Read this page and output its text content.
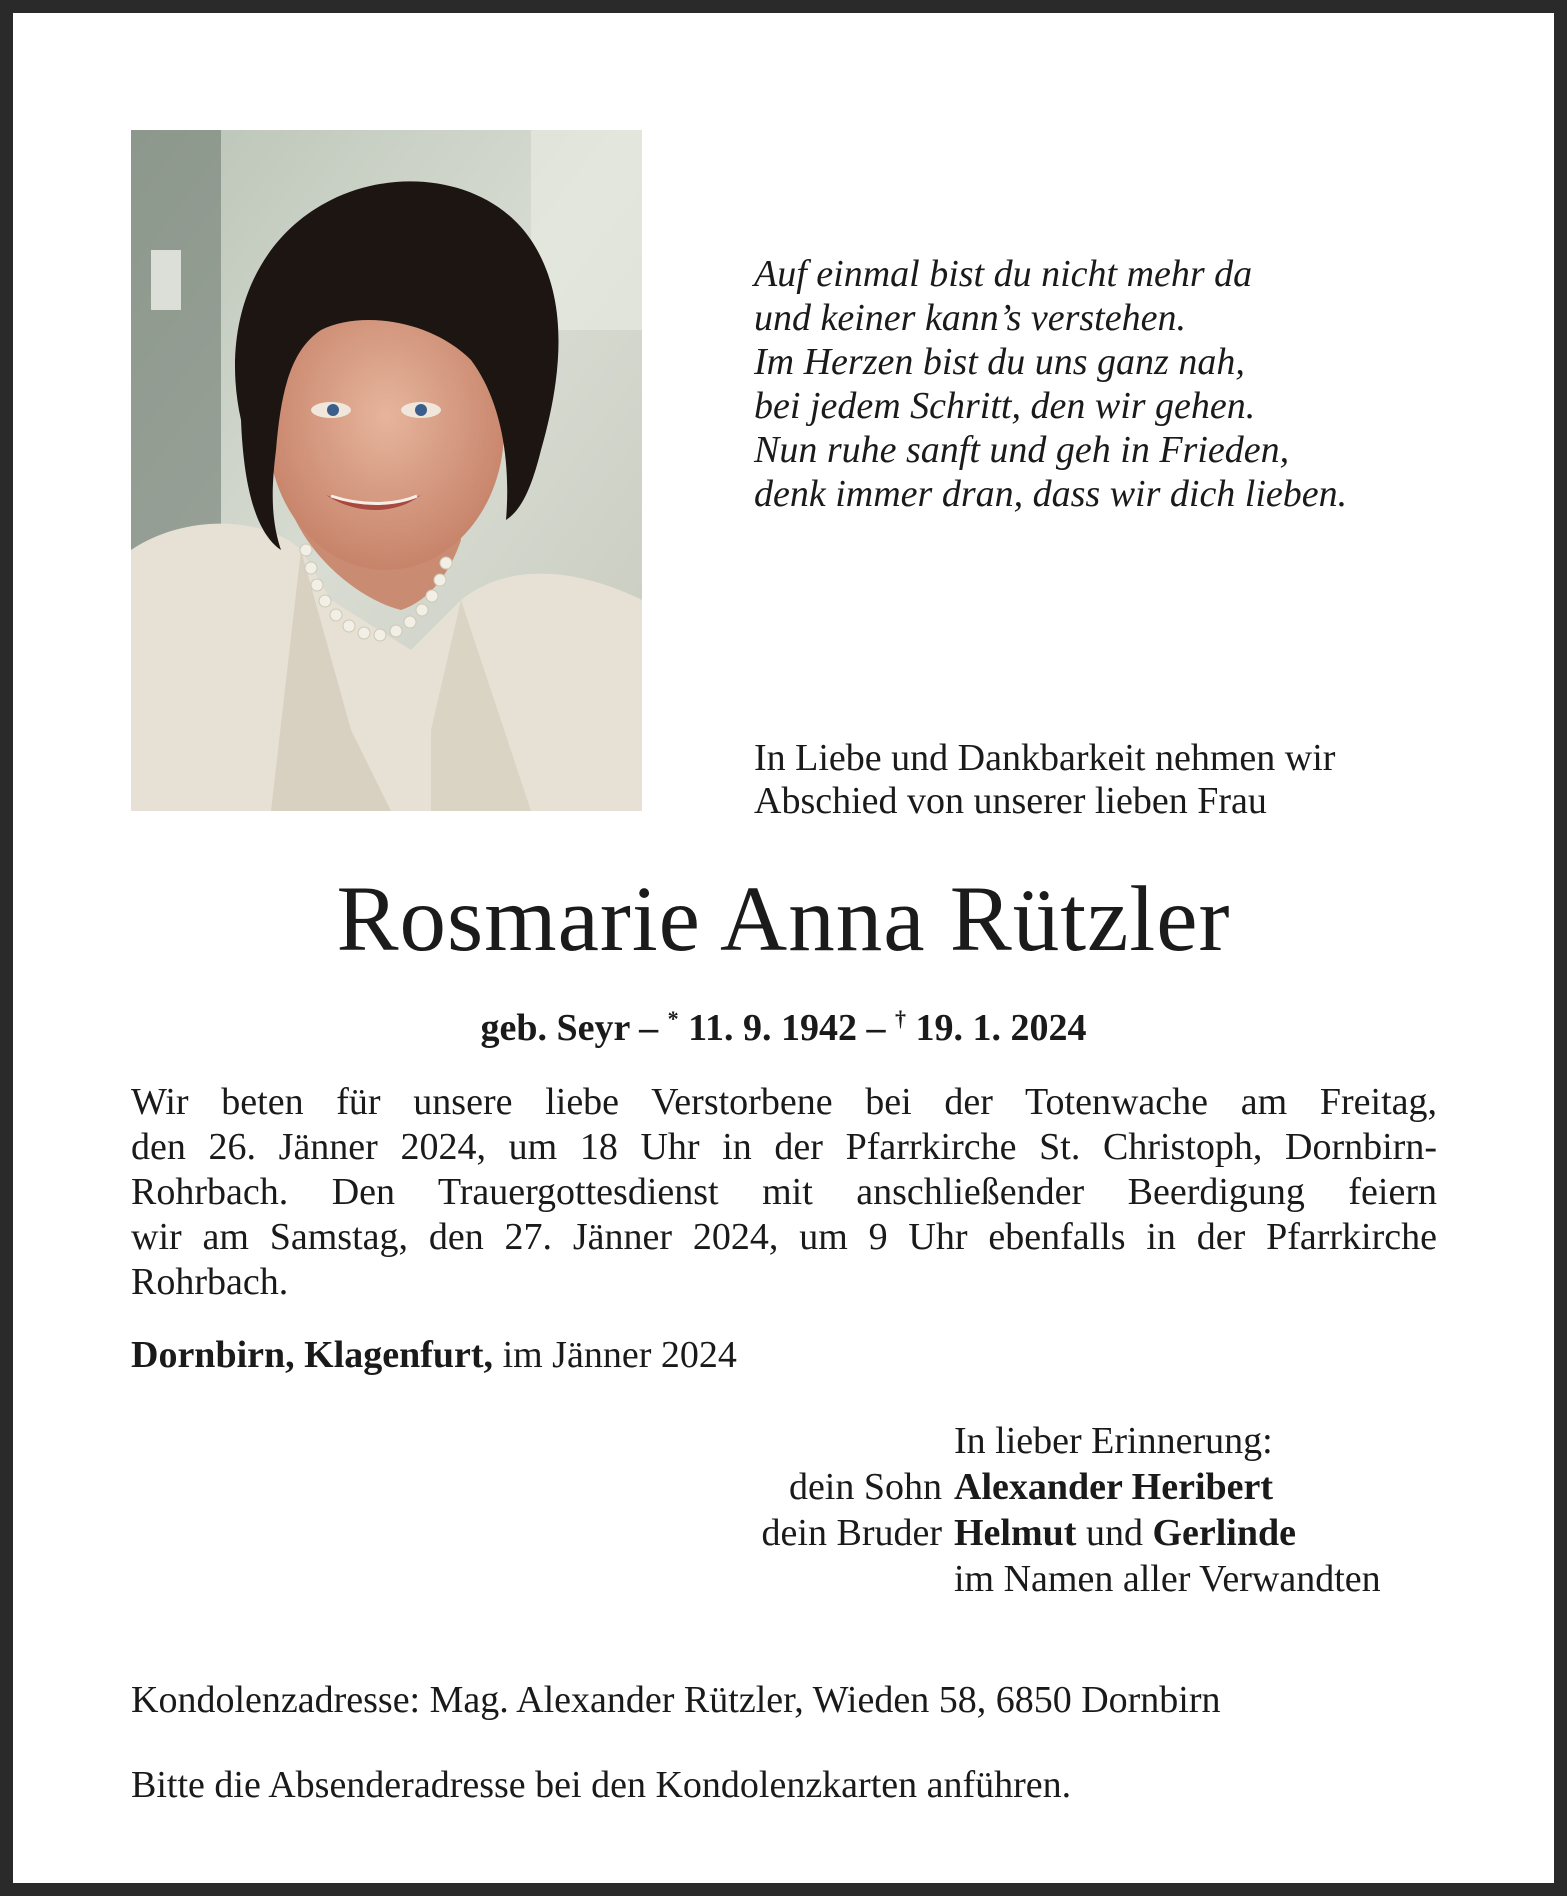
Auf einmal bist du nicht mehr da
und keiner kann’s verstehen.
Im Herzen bist du uns ganz nah,
bei jedem Schritt, den wir gehen.
Nun ruhe sanft und geh in Frieden,
denk immer dran, dass wir dich lieben.
In Liebe und Dankbarkeit nehmen wir
Abschied von unserer lieben Frau
Rosmarie Anna Rützler
geb. Seyr – * 11. 9. 1942 – † 19. 1. 2024
Wir beten für unsere liebe Verstorbene bei der Totenwache am Freitag,
den 26. Jänner 2024, um 18 Uhr in der Pfarrkirche St. Christoph, Dornbirn-
Rohrbach. Den Trauergottesdienst mit anschließender Beerdigung feiern
wir am Samstag, den 27. Jänner 2024, um 9 Uhr ebenfalls in der Pfarrkirche
Rohrbach.
Dornbirn, Klagenfurt, im Jänner 2024
In lieber Erinnerung:
dein Sohn Alexander Heribert
dein Bruder Helmut und Gerlinde
im Namen aller Verwandten
Kondolenzadresse: Mag. Alexander Rützler, Wieden 58, 6850 Dornbirn
Bitte die Absenderadresse bei den Kondolenzkarten anführen.
